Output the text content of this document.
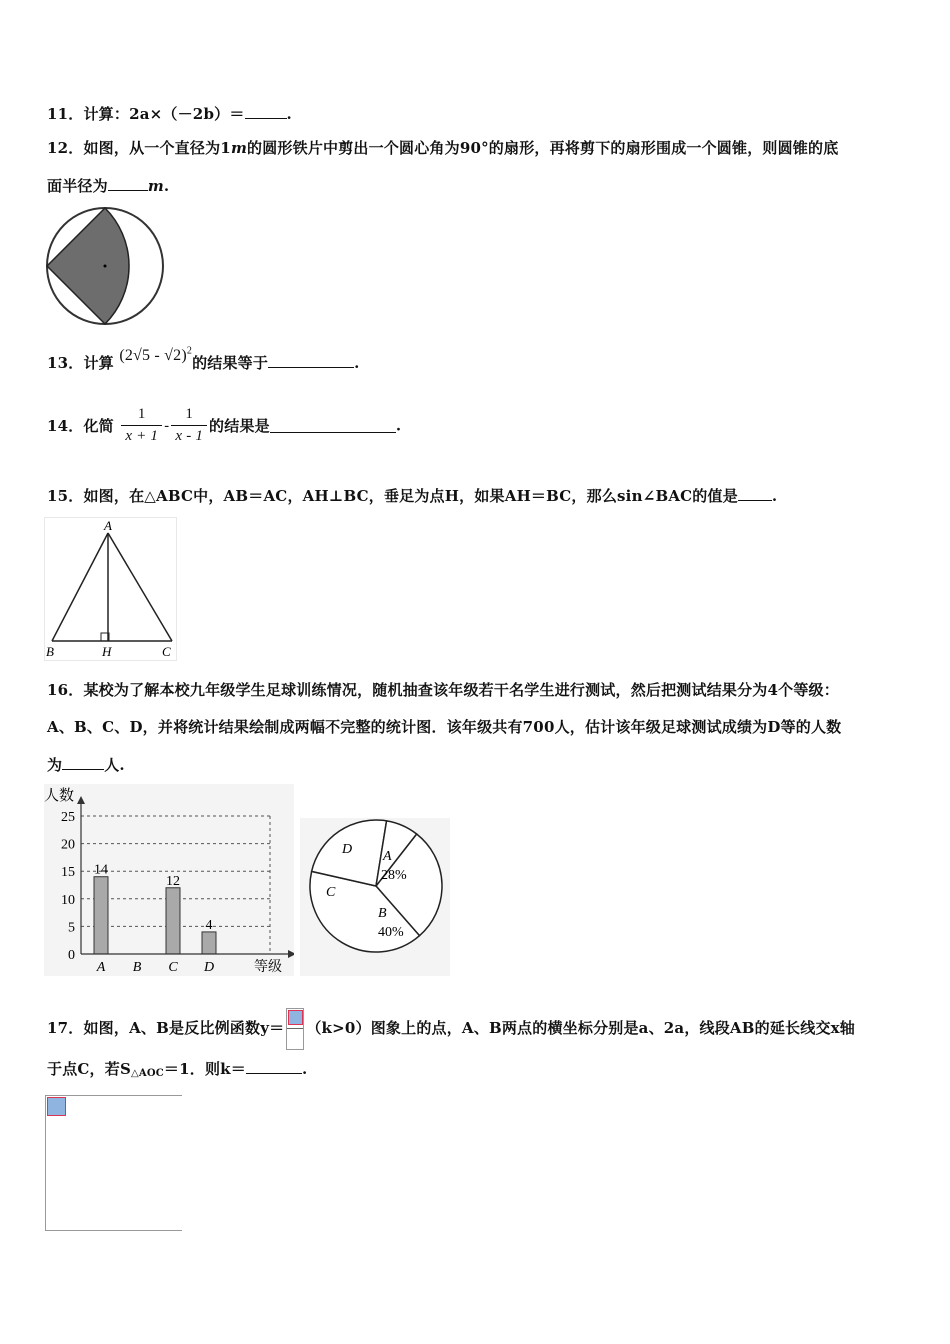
11．计算：2a×（－2b）＝	.
12．如图，从一个直径为1m的圆形铁片中剪出一个圆心角为90°的扇形，再将剪下的扇形围成一个圆锥，则圆锥的底
面半径为	m.
13．计算 (2√5 - √2)$^2$的结果等于	.
14．化简 $\frac{1}{x + 1} - \frac{1}{x - 1}$ 的结果是	.
15．如图，在△ABC中，AB＝AC，AH⊥BC，垂足为点H，如果AH＝BC，那么sin∠BAC的值是 .
A
B	H	C
16．某校为了解本校九年级学生足球训练情况，随机抽查该年级若干名学生进行测试，然后把测试结果分为4个等级：
A、B、C、D，并将统计结果绘制成两幅不完整的统计图．该年级共有700人，估计该年级足球测试成绩为D等的人数
为	人.
人数
等级
0
5
10
15
20
25
14
A B
12
C
4
D
A
28%
B
40%
C
D
17．如图，A、B是反比例函数y＝ （k>0）图象上的点，A、B两点的横坐标分别是a、2a，线段AB的延长线交x轴
于点C，若$S_{\triangle AOC}=1$．则k＝	.
